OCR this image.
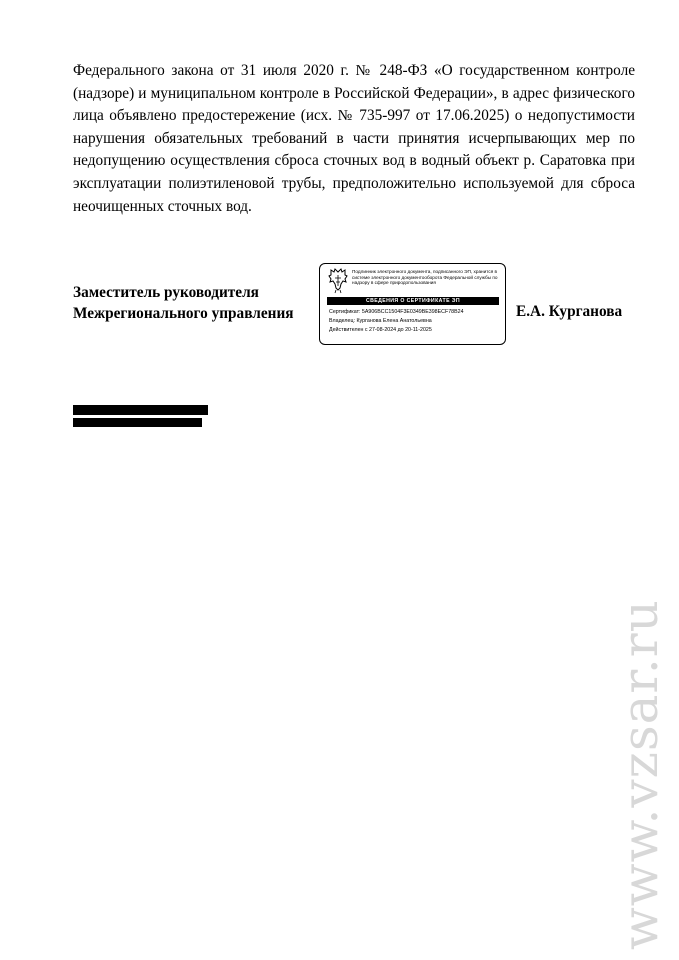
Федерального закона от 31 июля 2020 г. № 248-ФЗ «О государственном контроле (надзоре) и муниципальном контроле в Российской Федерации», в адрес физического лица объявлено предостережение (исх. № 735-997 от 17.06.2025) о недопустимости нарушения обязательных требований в части принятия исчерпывающих мер по недопущению осуществления сброса сточных вод в водный объект р. Саратовка при эксплуатации полиэтиленовой трубы, предположительно используемой для сброса неочищенных сточных вод.

Заместитель руководителя
Межрегионального управления
Подлинник электронного документа, подписанного ЭП, хранится в системе электронного документооборота Федеральной службы по надзору в сфере природопользования
СВЕДЕНИЯ О СЕРТИФИКАТЕ ЭП
Сертификат: 5A906BCC1504F3E0349BE398ECF78B24
Владелец: Курганова Елена Анатольевна
Действителен с 27-08-2024 до 20-11-2025
Е.А. Курганова
www.vzsar.ru
